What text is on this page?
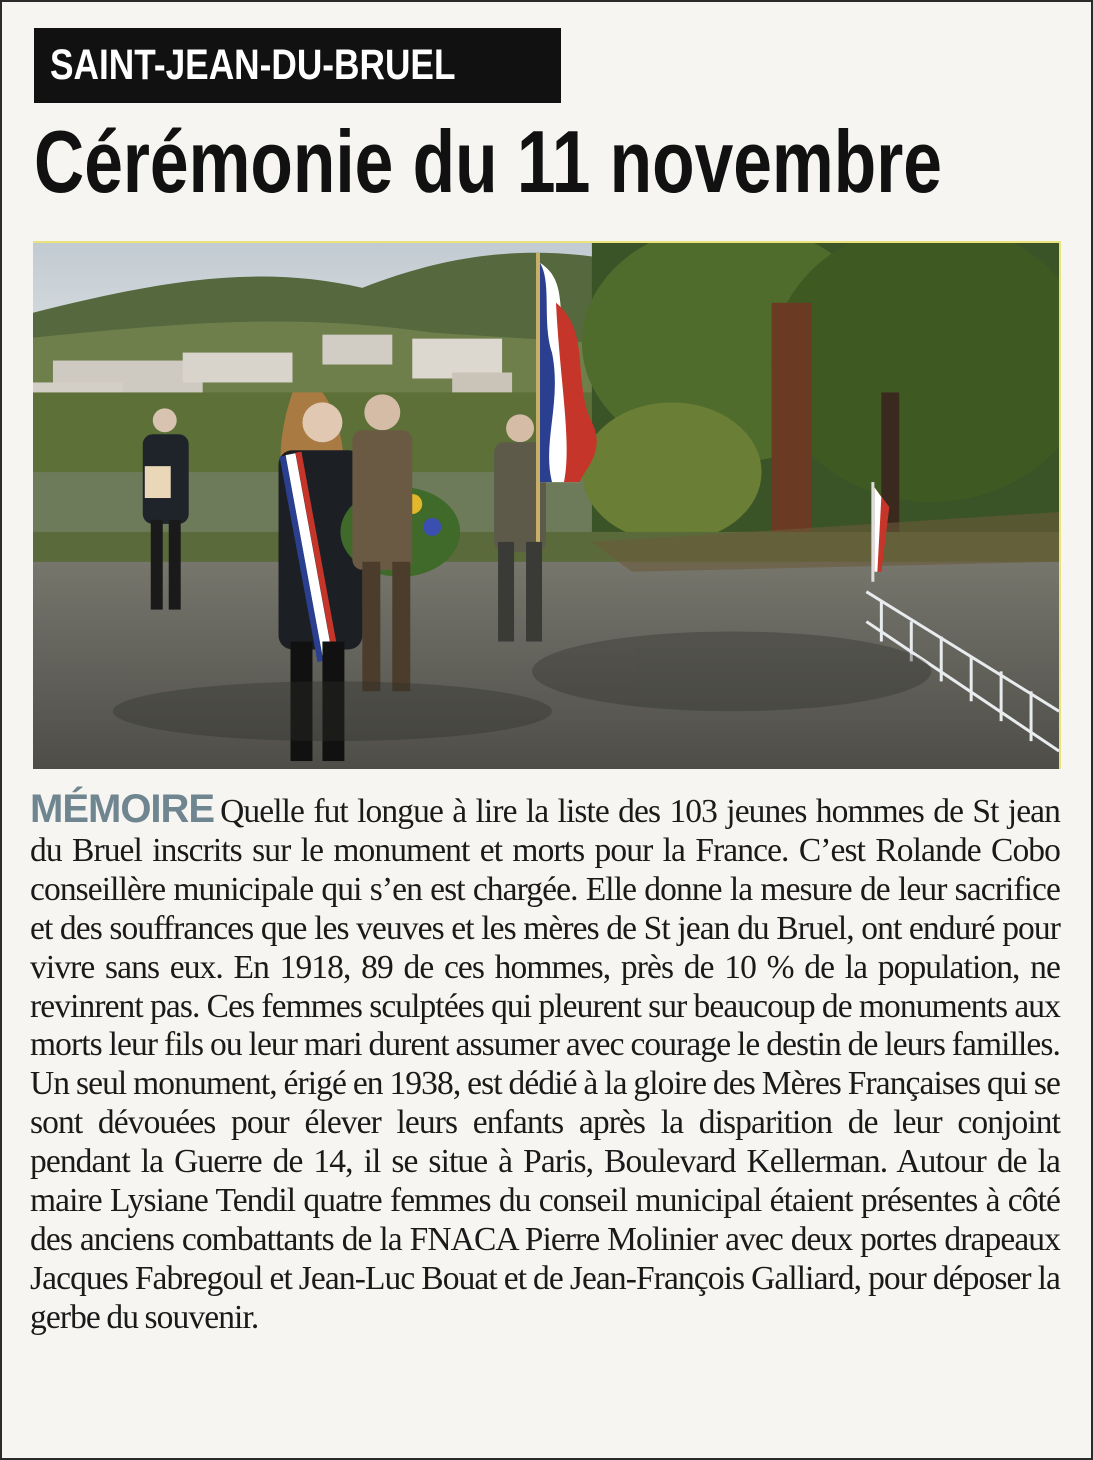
SAINT-JEAN-DU-BRUEL
Cérémonie du 11 novembre
MÉMOIRE Quelle fut longue à lire la liste des 103 jeunes hommes de St jean du Bruel inscrits sur le monument et morts pour la France. C’est Rolande Cobo conseillère municipale qui s’en est chargée. Elle donne la mesure de leur sacrifice et des souffrances que les veuves et les mères de St jean du Bruel, ont enduré pour vivre sans eux. En 1918, 89 de ces hommes, près de 10 % de la population, ne revinrent pas. Ces femmes sculptées qui pleurent sur beaucoup de monuments aux morts leur fils ou leur mari durent assumer avec courage le destin de leurs familles. Un seul monument, érigé en 1938, est dédié à la gloire des Mères Françaises qui se sont dévouées pour élever leurs enfants après la disparition de leur conjoint pendant la Guerre de 14, il se situe à Paris, Boulevard Kellerman. Autour de la maire Lysiane Tendil quatre femmes du conseil municipal étaient présentes à côté des anciens combattants de la FNACA Pierre Molinier avec deux portes drapeaux Jacques Fabregoul et Jean-Luc Bouat et de Jean-François Galliard, pour déposer la gerbe du souvenir.
